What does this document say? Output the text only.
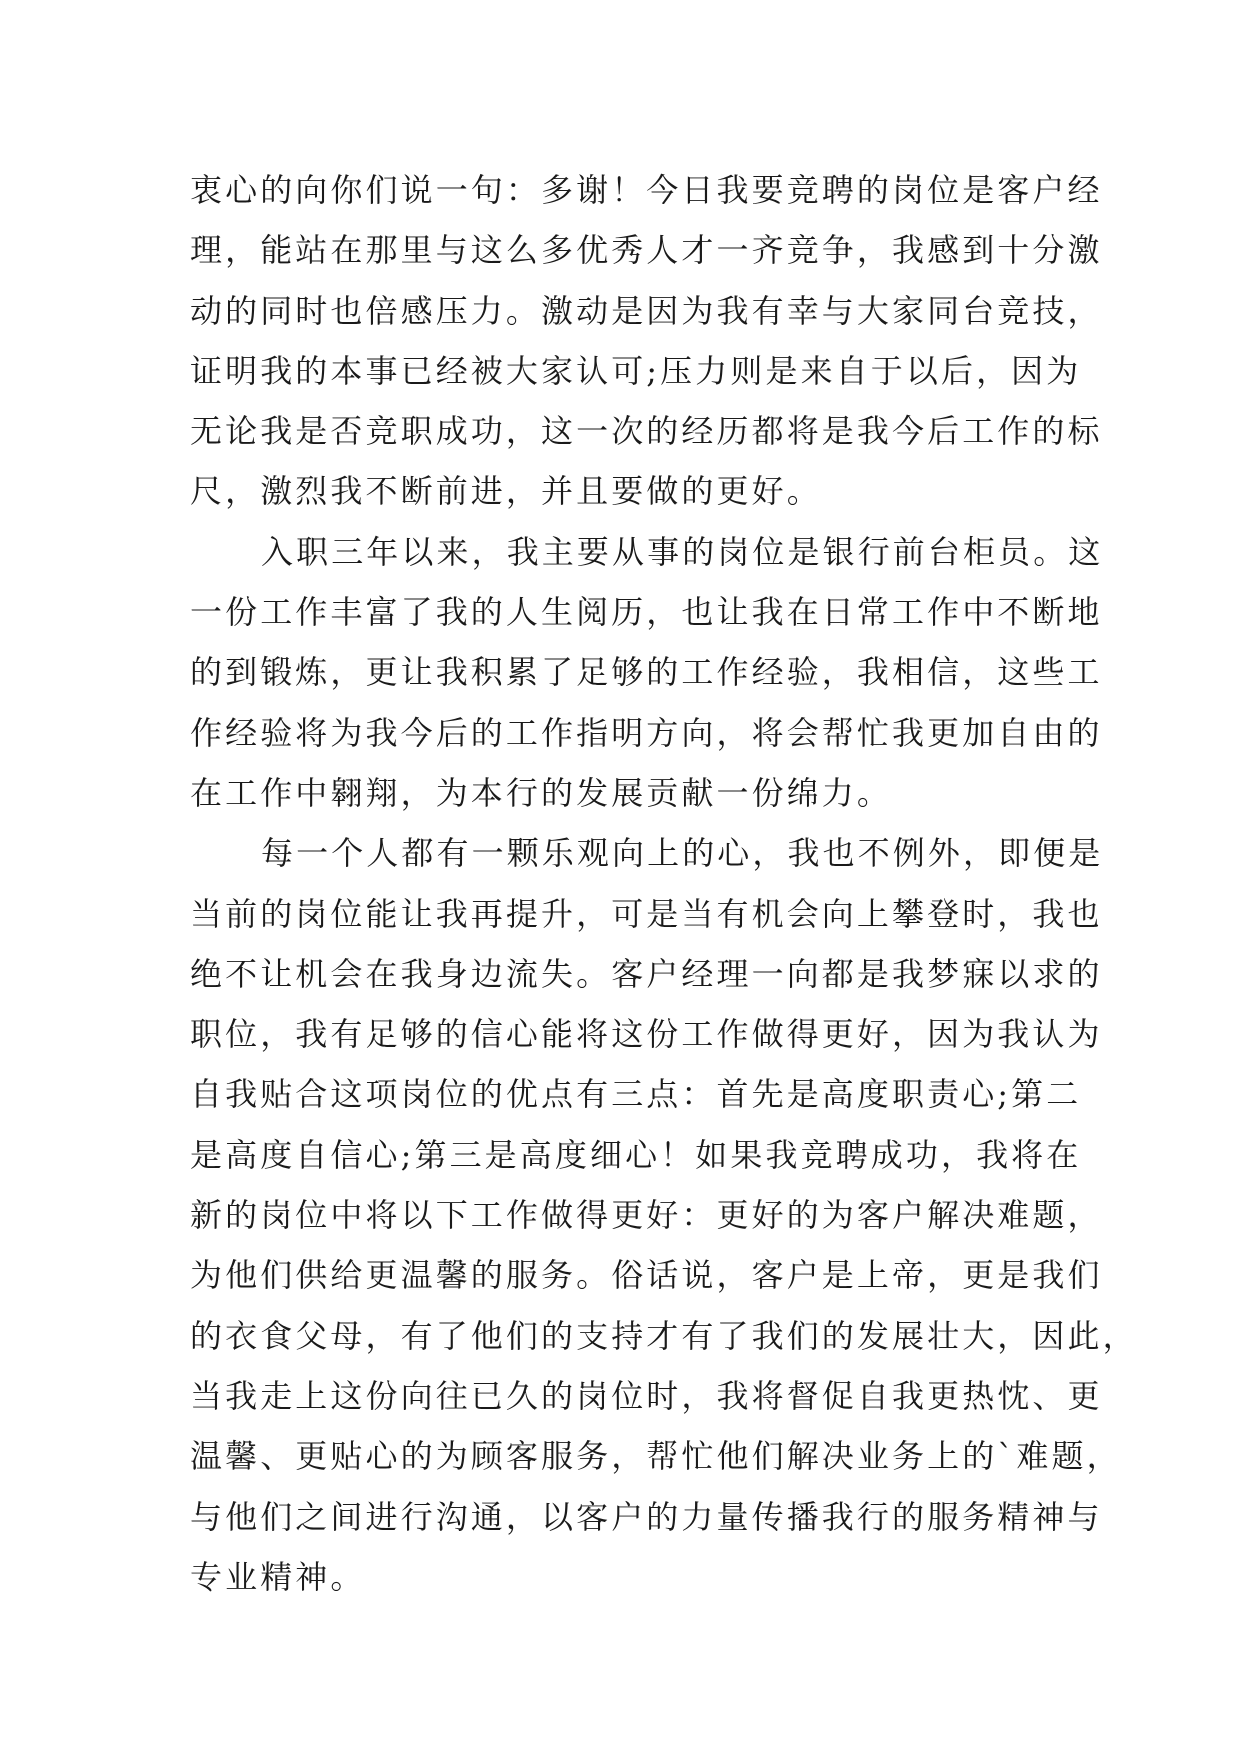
衷心的向你们说一句：多谢！今日我要竞聘的岗位是客户经
理，能站在那里与这么多优秀人才一齐竞争，我感到十分激
动的同时也倍感压力。激动是因为我有幸与大家同台竞技，
证明我的本事已经被大家认可;压力则是来自于以后，因为
无论我是否竞职成功，这一次的经历都将是我今后工作的标
尺，激烈我不断前进，并且要做的更好。
入职三年以来，我主要从事的岗位是银行前台柜员。这
一份工作丰富了我的人生阅历，也让我在日常工作中不断地
的到锻炼，更让我积累了足够的工作经验，我相信，这些工
作经验将为我今后的工作指明方向，将会帮忙我更加自由的
在工作中翱翔，为本行的发展贡献一份绵力。
每一个人都有一颗乐观向上的心，我也不例外，即便是
当前的岗位能让我再提升，可是当有机会向上攀登时，我也
绝不让机会在我身边流失。客户经理一向都是我梦寐以求的
职位，我有足够的信心能将这份工作做得更好，因为我认为
自我贴合这项岗位的优点有三点：首先是高度职责心;第二
是高度自信心;第三是高度细心！如果我竞聘成功，我将在
新的岗位中将以下工作做得更好：更好的为客户解决难题，
为他们供给更温馨的服务。俗话说，客户是上帝，更是我们
的衣食父母，有了他们的支持才有了我们的发展壮大，因此，
当我走上这份向往已久的岗位时，我将督促自我更热忱、更
温馨、更贴心的为顾客服务，帮忙他们解决业务上的`难题，
与他们之间进行沟通，以客户的力量传播我行的服务精神与
专业精神。
